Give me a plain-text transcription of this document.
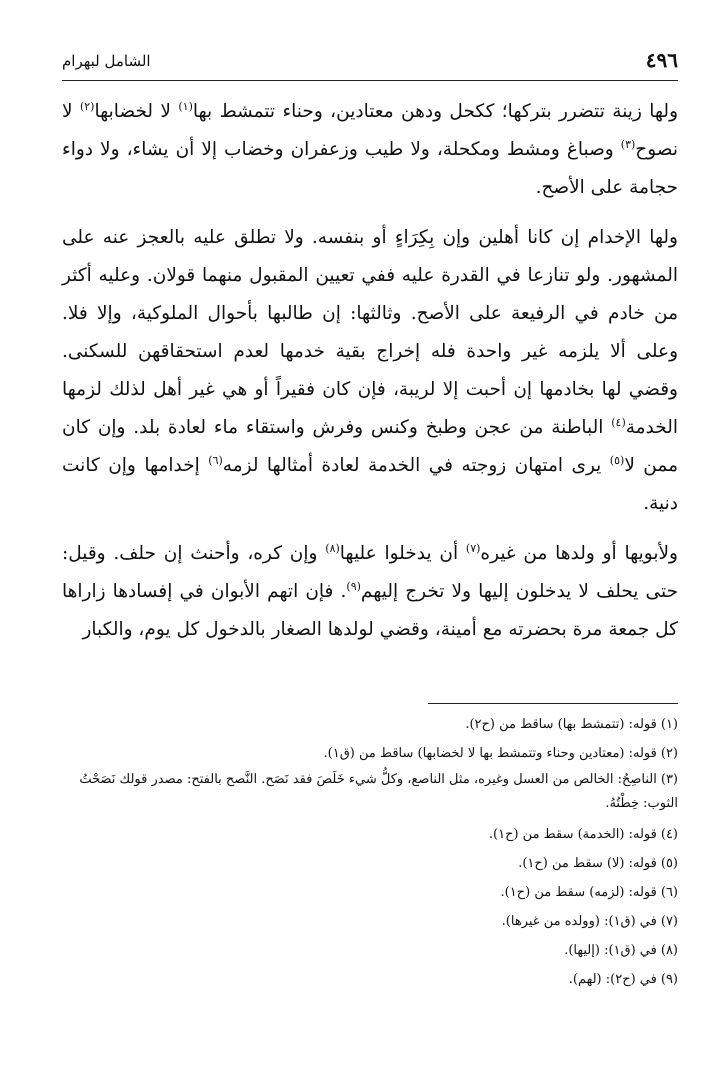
٤٩٦
الشامل لبهرام

ولها زينة تتضرر بتركها؛ ككحل ودهن معتادين، وحناء تتمشط بها$^{(١)}$ لا لخضابها$^{(٢)}$ لا نصوح$^{(٣)}$ وصباغ ومشط ومكحلة، ولا طيب وزعفران وخضاب إلا أن يشاء، ولا دواء حجامة على الأصح.

ولها الإخدام إن كانا أهلين وإن بِكِرَاءٍ أو بنفسه. ولا تطلق عليه بالعجز عنه على المشهور. ولو تنازعا في القدرة عليه ففي تعيين المقبول منهما قولان. وعليه أكثر من خادم في الرفيعة على الأصح. وثالثها: إن طالبها بأحوال الملوكية، وإلا فلا. وعلى ألا يلزمه غير واحدة فله إخراج بقية خدمها لعدم استحقاقهن للسكنى. وقضي لها بخادمها إن أحبت إلا لريبة، فإن كان فقيراً أو هي غير أهل لذلك لزمها الخدمة$^{(٤)}$ الباطنة من عجن وطبخ وكنس وفرش واستقاء ماء لعادة بلد. وإن كان ممن لا$^{(٥)}$ يرى امتهان زوجته في الخدمة لعادة أمثالها لزمه$^{(٦)}$ إخدامها وإن كانت دنية.

ولأبويها أو ولدها من غيره$^{(٧)}$ أن يدخلوا عليها$^{(٨)}$ وإن كره، وأحنث إن حلف. وقيل: حتى يحلف لا يدخلون إليها ولا تخرج إليهم$^{(٩)}$. فإن اتهم الأبوان في إفسادها زاراها كل جمعة مرة بحضرته مع أمينة، وقضي لولدها الصغار بالدخول كل يوم، والكبار

(١)قوله: (تتمشط بها) ساقط من (ح٢).
(٢)قوله: (معتادين وحناء وتتمشط بها لا لخضابها) ساقط من (ق١).
(٣)الناصِحُ: الخالص من العسل وغيره، مثل الناصع، وكلُّ شيء خَلَصَ فقد نَصَح. النَّصح بالفتح: مصدر قولك نَصَحْتُ الثوب: خِطْتُهُ.
(٤)قوله: (الخدمة) سقط من (ح١).
(٥)قوله: (لا) سقط من (ح١).
(٦)قوله: (لزمه) سقط من (ح١).
(٧)في (ق١): (وولده من غيرها).
(٨)في (ق١): (إليها).
(٩)في (ح٢): (لهم).
